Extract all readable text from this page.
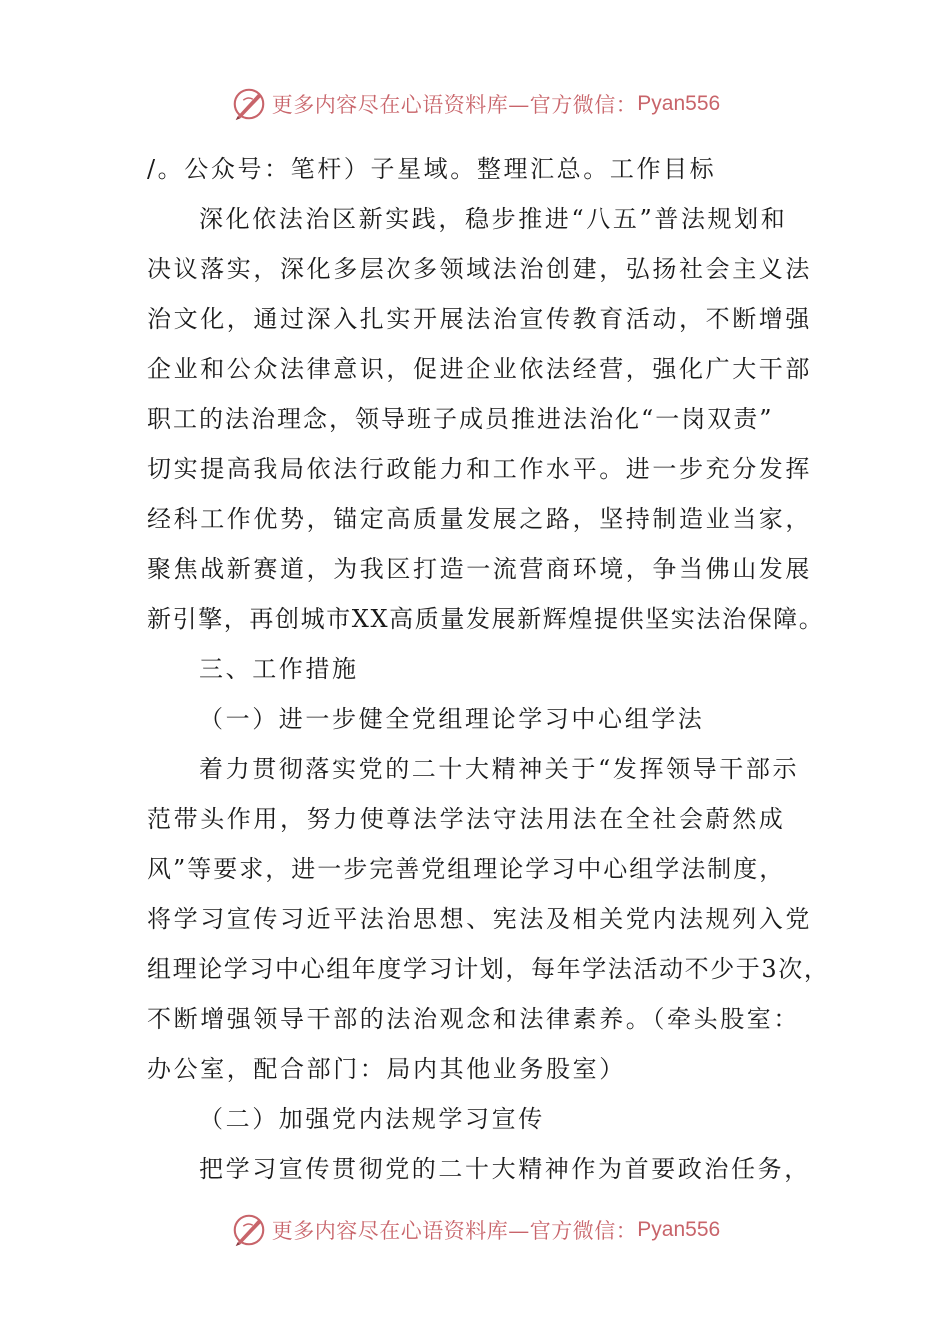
更多内容尽在心语资料库—官方微信： Pyan556
/。公众号：笔杆）子星域。整理汇总。工作目标
深化依法治区新实践，稳步推进“八五”普法规划和
决议落实，深化多层次多领域法治创建，弘扬社会主义法
治文化，通过深入扎实开展法治宣传教育活动，不断增强
企业和公众法律意识，促进企业依法经营，强化广大干部
职工的法治理念，领导班子成员推进法治化“一岗双责”
切实提高我局依法行政能力和工作水平。进一步充分发挥
经科工作优势，锚定高质量发展之路，坚持制造业当家，
聚焦战新赛道，为我区打造一流营商环境，争当佛山发展
新引擎，再创城市XX高质量发展新辉煌提供坚实法治保障。
三、工作措施
（一）进一步健全党组理论学习中心组学法
着力贯彻落实党的二十大精神关于“发挥领导干部示
范带头作用，努力使尊法学法守法用法在全社会蔚然成
风”等要求，进一步完善党组理论学习中心组学法制度，
将学习宣传习近平法治思想、宪法及相关党内法规列入党
组理论学习中心组年度学习计划，每年学法活动不少于3次，
不断增强领导干部的法治观念和法律素养。（牵头股室：
办公室，配合部门：局内其他业务股室）
（二）加强党内法规学习宣传
把学习宣传贯彻党的二十大精神作为首要政治任务，
更多内容尽在心语资料库—官方微信： Pyan556
